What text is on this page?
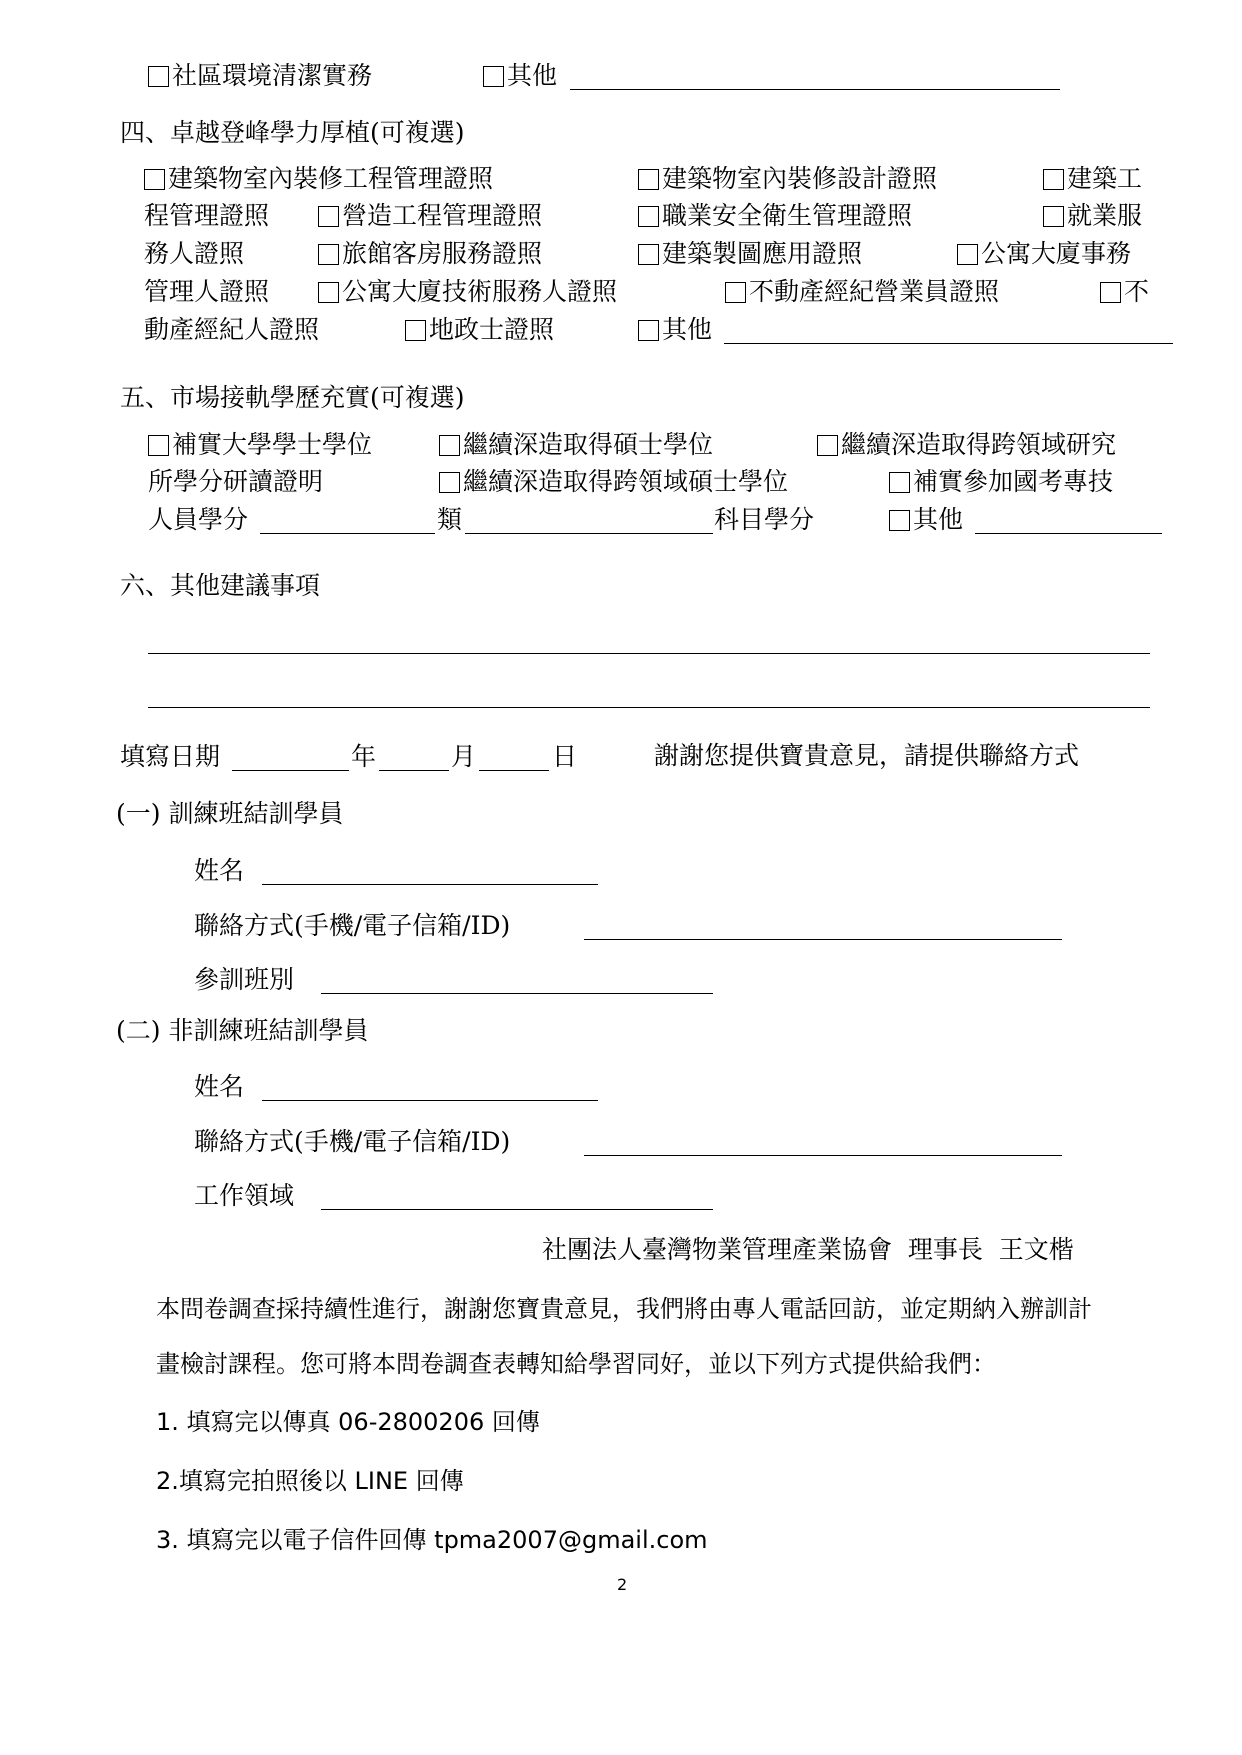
社區環境清潔實務	其他
四、卓越登峰學力厚植(可複選)
建築物室內裝修工程管理證照	建築物室內裝修設計證照	建築工
程管理證照	營造工程管理證照	職業安全衛生管理證照	就業服
務人證照	旅館客房服務證照	建築製圖應用證照	公寓大廈事務
管理人證照	公寓大廈技術服務人證照	不動產經紀營業員證照	不
動產經紀人證照	地政士證照	其他
五、市場接軌學歷充實(可複選)
補實大學學士學位	繼續深造取得碩士學位	繼續深造取得跨領域研究
所學分研讀證明	繼續深造取得跨領域碩士學位	補實參加國考專技
人員學分	類	科目學分	其他
六、其他建議事項
填寫日期	年	月	日	謝謝您提供寶貴意見，請提供聯絡方式
(一) 訓練班結訓學員
姓名
聯絡方式(手機/電子信箱/ID)
參訓班別
(二) 非訓練班結訓學員
姓名
聯絡方式(手機/電子信箱/ID)
工作領域
社團法人臺灣物業管理產業協會  理事長  王文楷
本問卷調查採持續性進行，謝謝您寶貴意見，我們將由專人電話回訪，並定期納入辦訓計
畫檢討課程。您可將本問卷調查表轉知給學習同好，並以下列方式提供給我們：
1. 填寫完以傳真 06-2800206 回傳
2.填寫完拍照後以 LINE 回傳
3. 填寫完以電子信件回傳 tpma2007@gmail.com
2
